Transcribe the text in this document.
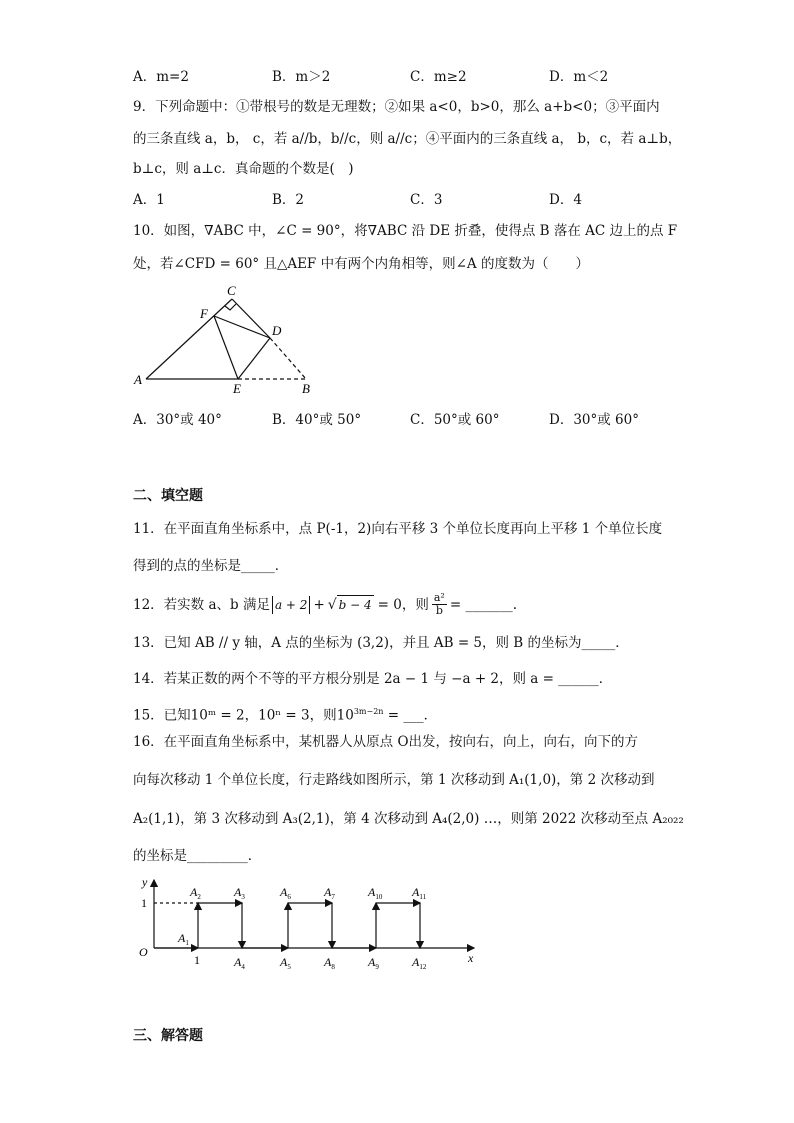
A．m=2	B．m＞2	C．m≥2	D．m＜2
9．下列命题中：①带根号的数是无理数；②如果 a<0，b>0，那么 a+b<0；③平面内
的三条直线 a，b， c，若 a//b，b//c，则 a//c；④平面内的三条直线 a， b，c，若 a⊥b，
b⊥c，则 a⊥c．真命题的个数是(　)
A．1	B．2	C．3	D．4
10．如图，∇ABC 中，∠C = 90°，将∇ABC 沿 DE 折叠，使得点 B 落在 AC 边上的点 F
处，若∠CFD = 60° 且△AEF 中有两个内角相等，则∠A 的度数为（　　）
C
F
D
A
E	B
A．30°或 40°	B．40°或 50°	C．50°或 60°	D．30°或 60°
二、填空题
11．在平面直角坐标系中，点 P(-1，2)向右平移 3 个单位长度再向上平移 1 个单位长度
得到的点的坐标是_____．
12．若实数 a、b 满足 a + 2 + √ b − 4 = 0，则 $\frac{\text{a²}}{b}$ = _______.
13．已知 AB // y 轴，A 点的坐标为 (3,2)，并且 AB = 5，则 B 的坐标为_____．
14．若某正数的两个不等的平方根分别是 2a − 1 与 −a + 2，则 a = ______．
15．已知10ᵐ = 2，10ⁿ = 3，则$10^{3m-2n}$ = ___．
16．在平面直角坐标系中，某机器人从原点 O出发，按向右，向上，向右，向下的方
向每次移动 1 个单位长度，行走路线如图所示，第 1 次移动到 A₁(1,0)，第 2 次移动到
A₂(1,1)，第 3 次移动到 A₃(2,1)，第 4 次移动到 A₄(2,0) …，则第 2022 次移动至点 A₂₀₂₂
的坐标是_________．
y
x
O
1
1
$A_1$
$A_2$	$A_3$
$A_4$	$A_5$
$A_6$	$A_7$
$A_8$	$A_9$
$A_{10}$ $A_{11}$
$A_{12}$
三、解答题
